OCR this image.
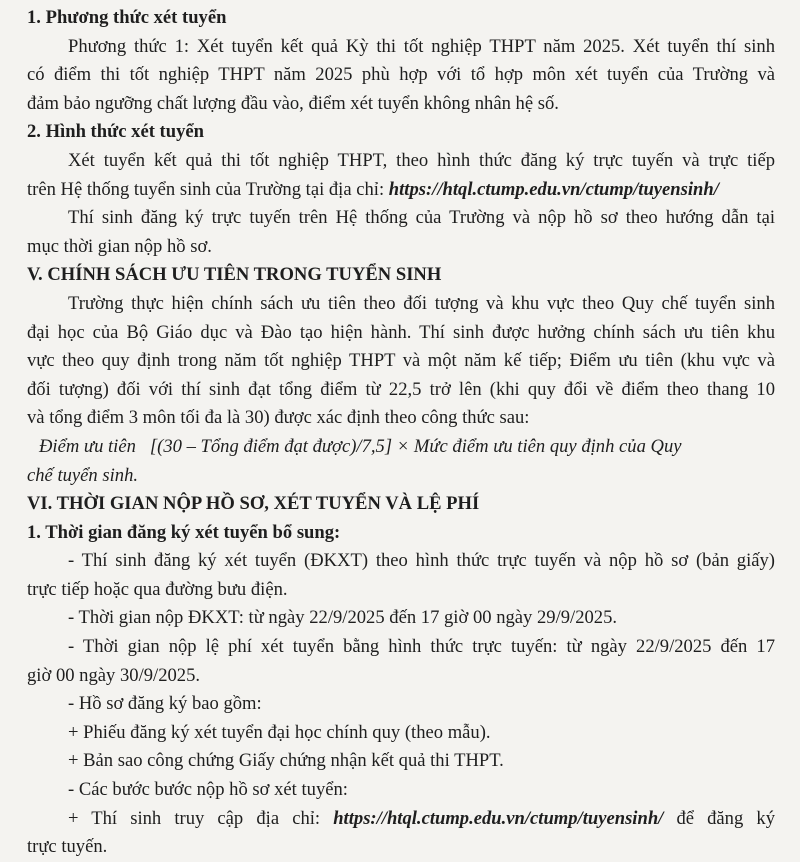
1. Phương thức xét tuyển
Phương thức 1: Xét tuyển kết quả Kỳ thi tốt nghiệp THPT năm 2025. Xét tuyển thí sinh
có điểm thi tốt nghiệp THPT năm 2025 phù hợp với tổ hợp môn xét tuyển của Trường và
đảm bảo ngưỡng chất lượng đầu vào, điểm xét tuyển không nhân hệ số.
2. Hình thức xét tuyển
Xét tuyển kết quả thi tốt nghiệp THPT, theo hình thức đăng ký trực tuyến và trực tiếp
trên Hệ thống tuyển sinh của Trường tại địa chỉ: https://htql.ctump.edu.vn/ctump/tuyensinh/
Thí sinh đăng ký trực tuyến trên Hệ thống của Trường và nộp hồ sơ theo hướng dẫn tại
mục thời gian nộp hồ sơ.
V. CHÍNH SÁCH ƯU TIÊN TRONG TUYỂN SINH
Trường thực hiện chính sách ưu tiên theo đối tượng và khu vực theo Quy chế tuyển sinh
đại học của Bộ Giáo dục và Đào tạo hiện hành. Thí sinh được hưởng chính sách ưu tiên khu
vực theo quy định trong năm tốt nghiệp THPT và một năm kế tiếp; Điểm ưu tiên (khu vực và
đối tượng) đối với thí sinh đạt tổng điểm từ 22,5 trở lên (khi quy đổi về điểm theo thang 10
và tổng điểm 3 môn tối đa là 30) được xác định theo công thức sau:
Điểm ưu tiên [(30 – Tổng điểm đạt được)/7,5] × Mức điểm ưu tiên quy định của Quy
chế tuyển sinh.
VI. THỜI GIAN NỘP HỒ SƠ, XÉT TUYỂN VÀ LỆ PHÍ
1. Thời gian đăng ký xét tuyển bổ sung:
- Thí sinh đăng ký xét tuyển (ĐKXT) theo hình thức trực tuyến và nộp hồ sơ (bản giấy)
trực tiếp hoặc qua đường bưu điện.
- Thời gian nộp ĐKXT: từ ngày 22/9/2025 đến 17 giờ 00 ngày 29/9/2025.
- Thời gian nộp lệ phí xét tuyển bằng hình thức trực tuyến: từ ngày 22/9/2025 đến 17
giờ 00 ngày 30/9/2025.
- Hồ sơ đăng ký bao gồm:
+ Phiếu đăng ký xét tuyển đại học chính quy (theo mẫu).
+ Bản sao công chứng Giấy chứng nhận kết quả thi THPT.
- Các bước bước nộp hồ sơ xét tuyển:
+ Thí sinh truy cập địa chỉ: https://htql.ctump.edu.vn/ctump/tuyensinh/ để đăng ký
trực tuyến.
